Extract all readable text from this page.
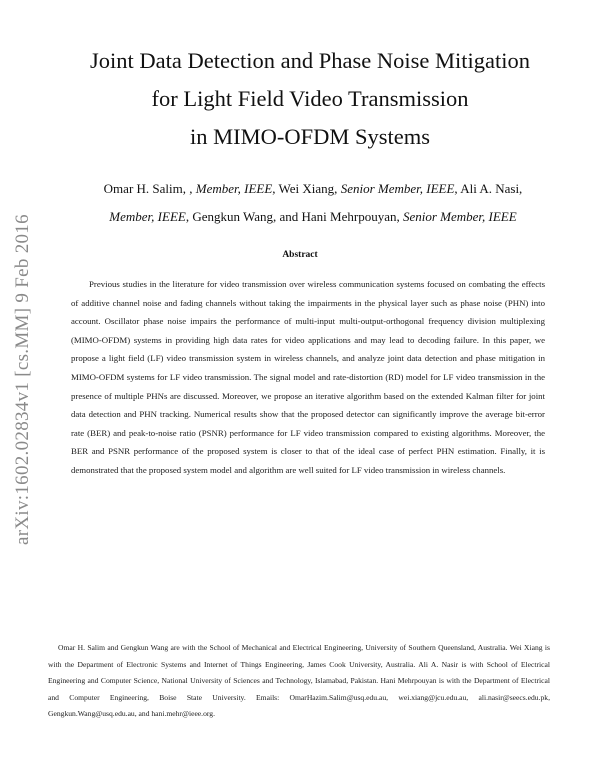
arXiv:1602.02834v1 [cs.MM] 9 Feb 2016
Joint Data Detection and Phase Noise Mitigation
for Light Field Video Transmission
in MIMO-OFDM Systems
Omar H. Salim, , Member, IEEE, Wei Xiang, Senior Member, IEEE, Ali A. Nasi,
Member, IEEE, Gengkun Wang, and Hani Mehrpouyan, Senior Member, IEEE
Abstract

Previous studies in the literature for video transmission over wireless communication systems focused on combating the effects of additive channel noise and fading channels without taking the impairments in the physical layer such as phase noise (PHN) into account. Oscillator phase noise impairs the performance of multi-input multi-output-orthogonal frequency division multiplexing (MIMO-OFDM) systems in providing high data rates for video applications and may lead to decoding failure. In this paper, we propose a light field (LF) video transmission system in wireless channels, and analyze joint data detection and phase mitigation in MIMO-OFDM systems for LF video transmission. The signal model and rate-distortion (RD) model for LF video transmission in the presence of multiple PHNs are discussed. Moreover, we propose an iterative algorithm based on the extended Kalman filter for joint data detection and PHN tracking. Numerical results show that the proposed detector can significantly improve the average bit-error rate (BER) and peak-to-noise ratio (PSNR) performance for LF video transmission compared to existing algorithms. Moreover, the BER and PSNR performance of the proposed system is closer to that of the ideal case of perfect PHN estimation. Finally, it is demonstrated that the proposed system model and algorithm are well suited for LF video transmission in wireless channels.

Omar H. Salim and Gengkun Wang are with the School of Mechanical and Electrical Engineering, University of Southern Queensland, Australia. Wei Xiang is with the Department of Electronic Systems and Internet of Things Engineering, James Cook University, Australia. Ali A. Nasir is with School of Electrical Engineering and Computer Science, National University of Sciences and Technology, Islamabad, Pakistan. Hani Mehrpouyan is with the Department of Electrical and Computer Engineering, Boise State University. Emails: OmarHazim.Salim@usq.edu.au, wei.xiang@jcu.edu.au, ali.nasir@seecs.edu.pk, Gengkun.Wang@usq.edu.au, and hani.mehr@ieee.org.
